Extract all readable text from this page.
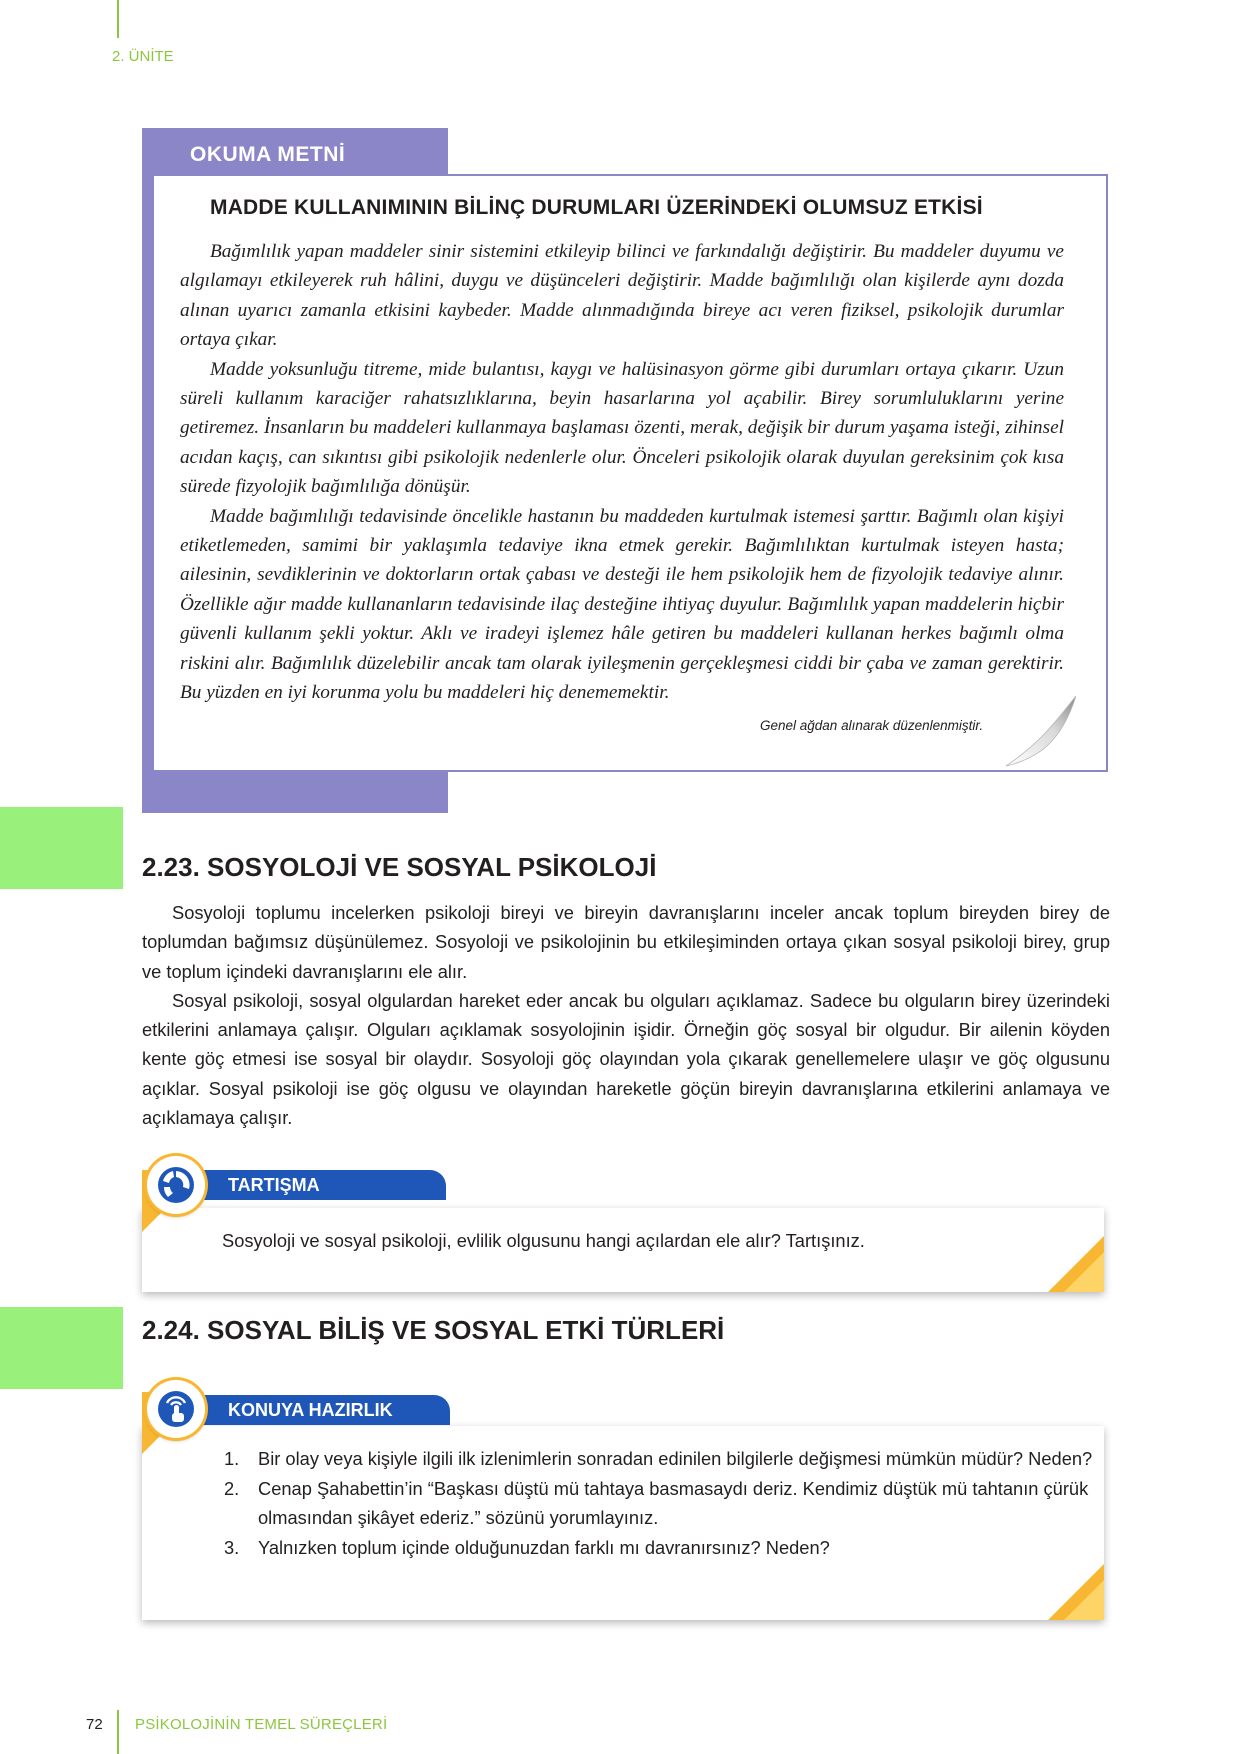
2. ÜNİTE
OKUMA METNİ
MADDE KULLANIMININ BİLİNÇ DURUMLARI ÜZERİNDEKİ OLUMSUZ ETKİSİ

Bağımlılık yapan maddeler sinir sistemini etkileyip bilinci ve farkındalığı değiştirir. Bu maddeler duyumu ve algılamayı etkileyerek ruh hâlini, duygu ve düşünceleri değiştirir. Madde bağımlılığı olan kişilerde aynı dozda alınan uyarıcı zamanla etkisini kaybeder. Madde alınmadığında bireye acı veren fiziksel, psikolojik durumlar ortaya çıkar.

Madde yoksunluğu titreme, mide bulantısı, kaygı ve halüsinasyon görme gibi durumları ortaya çıkarır. Uzun süreli kullanım karaciğer rahatsızlıklarına, beyin hasarlarına yol açabilir. Birey sorumluluklarını yerine getiremez. İnsanların bu maddeleri kullanmaya başlaması özenti, merak, değişik bir durum yaşama isteği, zihinsel acıdan kaçış, can sıkıntısı gibi psikolojik nedenlerle olur. Önceleri psikolojik olarak duyulan gereksinim çok kısa sürede fizyolojik bağımlılığa dönüşür.

Madde bağımlılığı tedavisinde öncelikle hastanın bu maddeden kurtulmak istemesi şarttır. Bağımlı olan kişiyi etiketlemeden, samimi bir yaklaşımla tedaviye ikna etmek gerekir. Bağımlılıktan kurtulmak isteyen hasta; ailesinin, sevdiklerinin ve doktorların ortak çabası ve desteği ile hem psikolojik hem de fizyolojik tedaviye alınır. Özellikle ağır madde kullananların tedavisinde ilaç desteğine ihtiyaç duyulur. Bağımlılık yapan maddelerin hiçbir güvenli kullanım şekli yoktur. Aklı ve iradeyi işlemez hâle getiren bu maddeleri kullanan herkes bağımlı olma riskini alır. Bağımlılık düzelebilir ancak tam olarak iyileşmenin gerçekleşmesi ciddi bir çaba ve zaman gerektirir. Bu yüzden en iyi korunma yolu bu maddeleri hiç denememektir.

Genel ağdan alınarak düzenlenmiştir.
2.23. SOSYOLOJİ VE SOSYAL PSİKOLOJİ

Sosyoloji toplumu incelerken psikoloji bireyi ve bireyin davranışlarını inceler ancak toplum bireyden birey de toplumdan bağımsız düşünülemez. Sosyoloji ve psikolojinin bu etkileşiminden ortaya çıkan sosyal psikoloji birey, grup ve toplum içindeki davranışlarını ele alır.

Sosyal psikoloji, sosyal olgulardan hareket eder ancak bu olguları açıklamaz. Sadece bu olguların birey üzerindeki etkilerini anlamaya çalışır. Olguları açıklamak sosyolojinin işidir. Örneğin göç sosyal bir olgudur. Bir ailenin köyden kente göç etmesi ise sosyal bir olaydır. Sosyoloji göç olayından yola çıkarak genellemelere ulaşır ve göç olgusunu açıklar. Sosyal psikoloji ise göç olgusu ve olayından hareketle göçün bireyin davranışlarına etkilerini anlamaya ve açıklamaya çalışır.

TARTIŞMA
Sosyoloji ve sosyal psikoloji, evlilik olgusunu hangi açılardan ele alır? Tartışınız.
2.24. SOSYAL BİLİŞ VE SOSYAL ETKİ TÜRLERİ
KONUYA HAZIRLIK
1. Bir olay veya kişiyle ilgili ilk izlenimlerin sonradan edinilen bilgilerle değişmesi mümkün müdür? Neden?
2. Cenap Şahabettin’in “Başkası düştü mü tahtaya basmasaydı deriz. Kendimiz düştük mü tahtanın çürük olmasından şikâyet ederiz.” sözünü yorumlayınız.
3. Yalnızken toplum içinde olduğunuzdan farklı mı davranırsınız? Neden?
72 PSİKOLOJİNİN TEMEL SÜREÇLERİ
